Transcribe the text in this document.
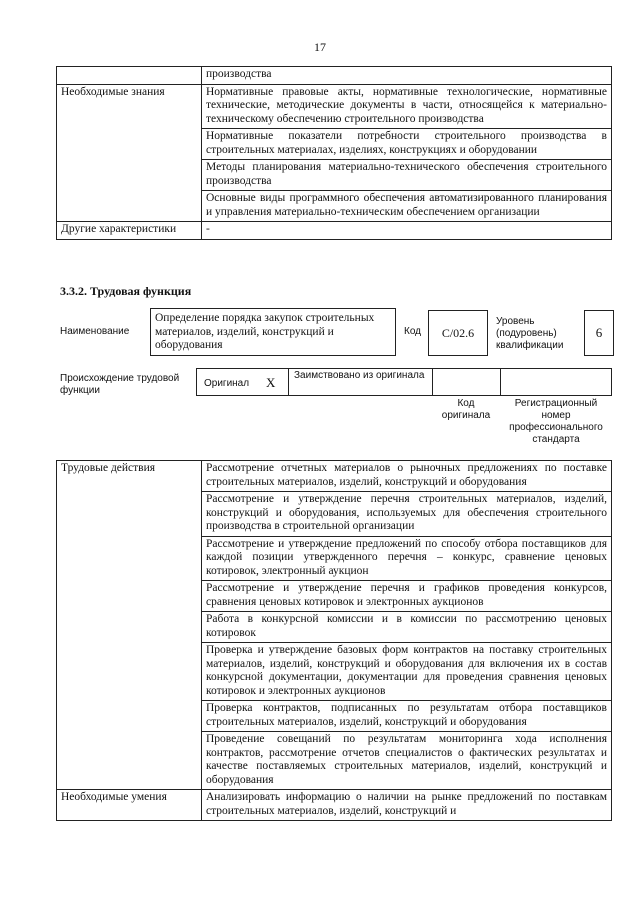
17
	производства
Необходимые знания	Нормативные правовые акты, нормативные технологические, нормативные технические, методические документы в части, относящейся к материально-техническому обеспечению строительного производства
	Нормативные показатели потребности строительного производства в строительных материалах, изделиях, конструкциях и оборудовании
	Методы планирования материально-технического обеспечения строительного производства
	Основные виды программного обеспечения автоматизированного планирования и управления материально-техническим обеспечением организации
Другие характеристики	-
3.3.2. Трудовая функция
Наименование
Определение порядка закупок строительных материалов, изделий, конструкций и оборудования
Код	C/02.6
Уровень (подуровень) квалификации
6
Происхождение трудовой функции
Оригинал X Заимствовано из оригинала
Код оригинала
Регистрационный номер профессионального стандарта
Трудовые действия	Рассмотрение отчетных материалов о рыночных предложениях по поставке строительных материалов, изделий, конструкций и оборудования
	Рассмотрение и утверждение перечня строительных материалов, изделий, конструкций и оборудования, используемых для обеспечения строительного производства в строительной организации
	Рассмотрение и утверждение предложений по способу отбора поставщиков для каждой позиции утвержденного перечня – конкурс, сравнение ценовых котировок, электронный аукцион
	Рассмотрение и утверждение перечня и графиков проведения конкурсов, сравнения ценовых котировок и электронных аукционов
	Работа в конкурсной комиссии и в комиссии по рассмотрению ценовых котировок
	Проверка и утверждение базовых форм контрактов на поставку строительных материалов, изделий, конструкций и оборудования для включения их в состав конкурсной документации, документации для проведения сравнения ценовых котировок и электронных аукционов
	Проверка контрактов, подписанных по результатам отбора поставщиков строительных материалов, изделий, конструкций и оборудования
	Проведение совещаний по результатам мониторинга хода исполнения контрактов, рассмотрение отчетов специалистов о фактических результатах и качестве поставляемых строительных материалов, изделий, конструкций и оборудования
Необходимые умения	Анализировать информацию о наличии на рынке предложений по поставкам строительных материалов, изделий, конструкций и
